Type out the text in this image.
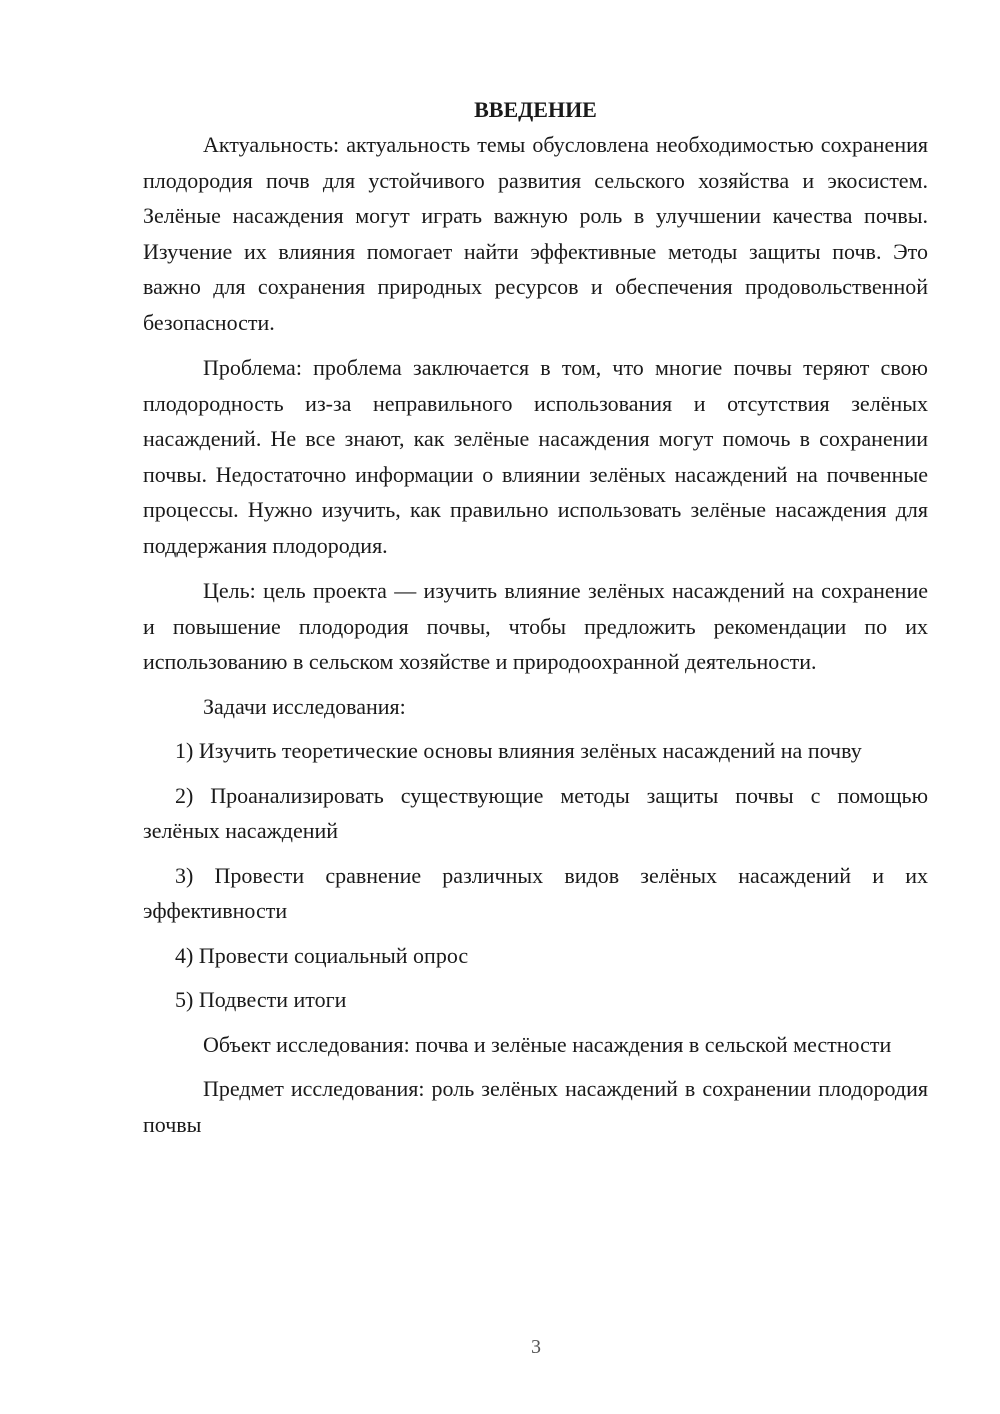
ВВЕДЕНИЕ

Актуальность: актуальность темы обусловлена необходимостью сохранения плодородия почв для устойчивого развития сельского хозяйства и экосистем. Зелёные насаждения могут играть важную роль в улучшении качества почвы. Изучение их влияния помогает найти эффективные методы защиты почв. Это важно для сохранения природных ресурсов и обеспечения продовольственной безопасности.

Проблема: проблема заключается в том, что многие почвы теряют свою плодородность из-за неправильного использования и отсутствия зелёных насаждений. Не все знают, как зелёные насаждения могут помочь в сохранении почвы. Недостаточно информации о влиянии зелёных насаждений на почвенные процессы. Нужно изучить, как правильно использовать зелёные насаждения для поддержания плодородия.

Цель: цель проекта — изучить влияние зелёных насаждений на сохранение и повышение плодородия почвы, чтобы предложить рекомендации по их использованию в сельском хозяйстве и природоохранной деятельности.

Задачи исследования:

1) Изучить теоретические основы влияния зелёных насаждений на почву

2) Проанализировать существующие методы защиты почвы с помощью зелёных насаждений

3) Провести сравнение различных видов зелёных насаждений и их эффективности

4) Провести социальный опрос

5) Подвести итоги

Объект исследования: почва и зелёные насаждения в сельской местности

Предмет исследования: роль зелёных насаждений в сохранении плодородия почвы

3
